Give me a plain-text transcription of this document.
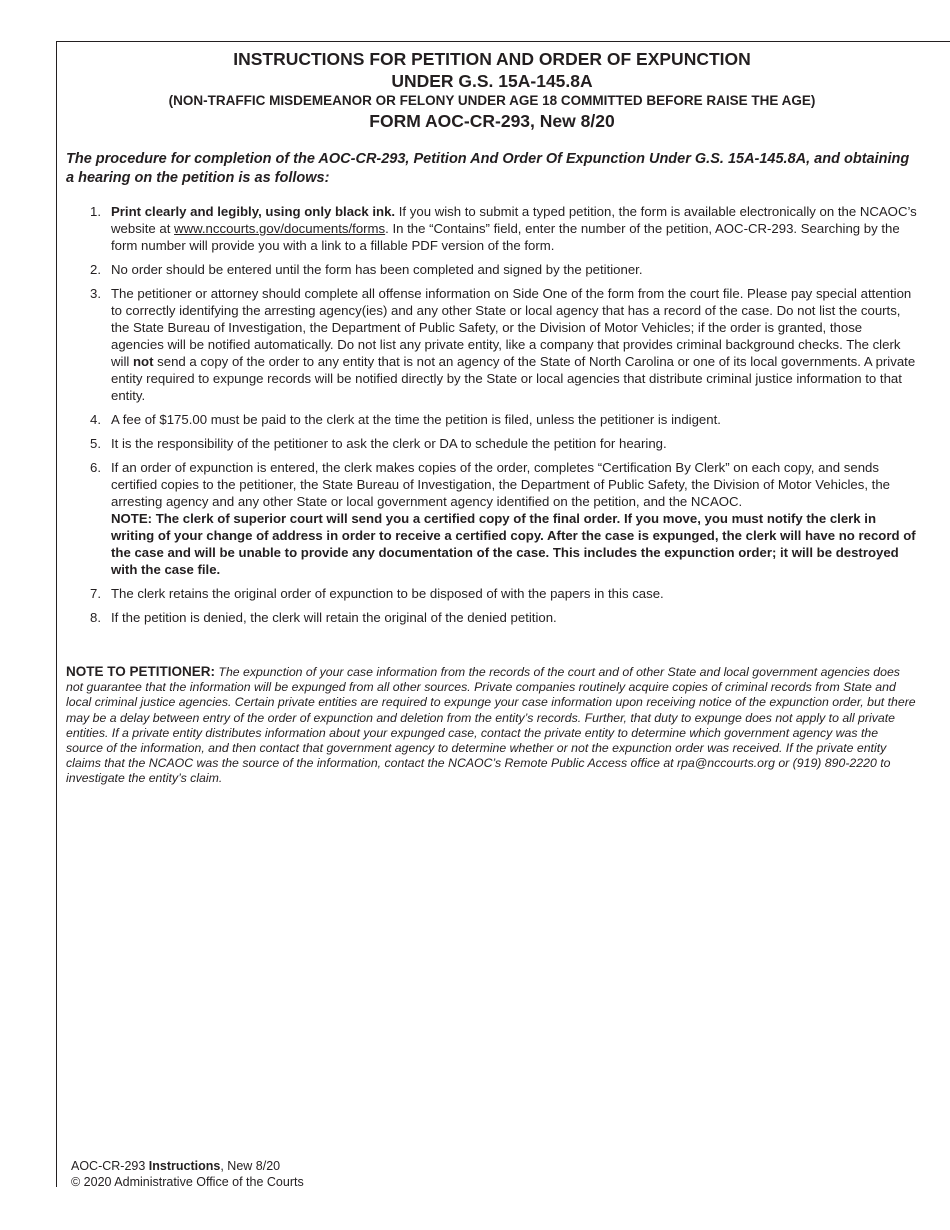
INSTRUCTIONS FOR PETITION AND ORDER OF EXPUNCTION
UNDER G.S. 15A-145.8A
(NON-TRAFFIC MISDEMEANOR OR FELONY UNDER AGE 18 COMMITTED BEFORE RAISE THE AGE)
FORM AOC-CR-293, New 8/20
The procedure for completion of the AOC-CR-293, Petition And Order Of Expunction Under G.S. 15A-145.8A, and obtaining a hearing on the petition is as follows:
1. Print clearly and legibly, using only black ink. If you wish to submit a typed petition, the form is available electronically on the NCAOC’s website at www.nccourts.gov/documents/forms. In the “Contains” field, enter the number of the petition, AOC-CR-293. Searching by the form number will provide you with a link to a fillable PDF version of the form.
2. No order should be entered until the form has been completed and signed by the petitioner.
3. The petitioner or attorney should complete all offense information on Side One of the form from the court file. Please pay special attention to correctly identifying the arresting agency(ies) and any other State or local agency that has a record of the case. Do not list the courts, the State Bureau of Investigation, the Department of Public Safety, or the Division of Motor Vehicles; if the order is granted, those agencies will be notified automatically. Do not list any private entity, like a company that provides criminal background checks. The clerk will not send a copy of the order to any entity that is not an agency of the State of North Carolina or one of its local governments. A private entity required to expunge records will be notified directly by the State or local agencies that distribute criminal justice information to that entity.
4. A fee of $175.00 must be paid to the clerk at the time the petition is filed, unless the petitioner is indigent.
5. It is the responsibility of the petitioner to ask the clerk or DA to schedule the petition for hearing.
6. If an order of expunction is entered, the clerk makes copies of the order, completes “Certification By Clerk” on each copy, and sends certified copies to the petitioner, the State Bureau of Investigation, the Department of Public Safety, the Division of Motor Vehicles, the arresting agency and any other State or local government agency identified on the petition, and the NCAOC.
NOTE: The clerk of superior court will send you a certified copy of the final order. If you move, you must notify the clerk in writing of your change of address in order to receive a certified copy. After the case is expunged, the clerk will have no record of the case and will be unable to provide any documentation of the case. This includes the expunction order; it will be destroyed with the case file.
7. The clerk retains the original order of expunction to be disposed of with the papers in this case.
8. If the petition is denied, the clerk will retain the original of the denied petition.
NOTE TO PETITIONER: The expunction of your case information from the records of the court and of other State and local government agencies does not guarantee that the information will be expunged from all other sources. Private companies routinely acquire copies of criminal records from State and local criminal justice agencies. Certain private entities are required to expunge your case information upon receiving notice of the expunction order, but there may be a delay between entry of the order of expunction and deletion from the entity’s records. Further, that duty to expunge does not apply to all private entities. If a private entity distributes information about your expunged case, contact the private entity to determine which government agency was the source of the information, and then contact that government agency to determine whether or not the expunction order was received. If the private entity claims that the NCAOC was the source of the information, contact the NCAOC’s Remote Public Access office at rpa@nccourts.org or (919) 890-2220 to investigate the entity’s claim.
AOC-CR-293 Instructions, New 8/20
© 2020 Administrative Office of the Courts
